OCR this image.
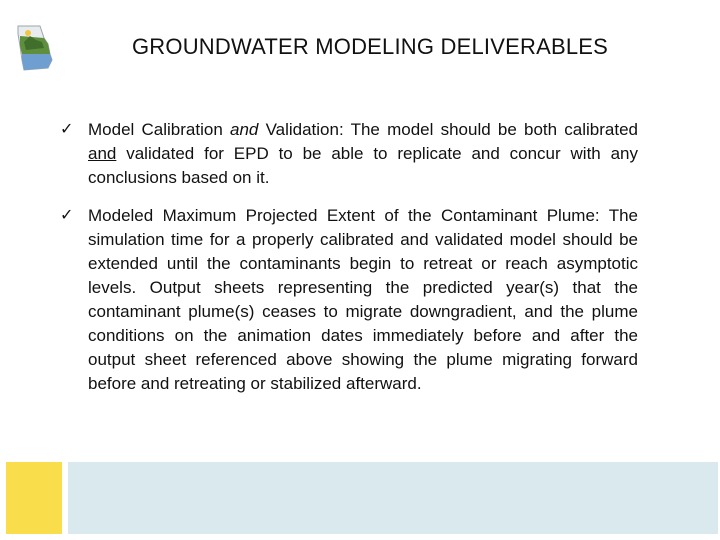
GROUNDWATER MODELING DELIVERABLES
✓ Model Calibration and Validation: The model should be both calibrated and validated for EPD to be able to replicate and concur with any conclusions based on it.

✓ Modeled Maximum Projected Extent of the Contaminant Plume: The simulation time for a properly calibrated and validated model should be extended until the contaminants begin to retreat or reach asymptotic levels. Output sheets representing the predicted year(s) that the contaminant plume(s) ceases to migrate downgradient, and the plume conditions on the animation dates immediately before and after the output sheet referenced above showing the plume migrating forward before and retreating or stabilized afterward.
